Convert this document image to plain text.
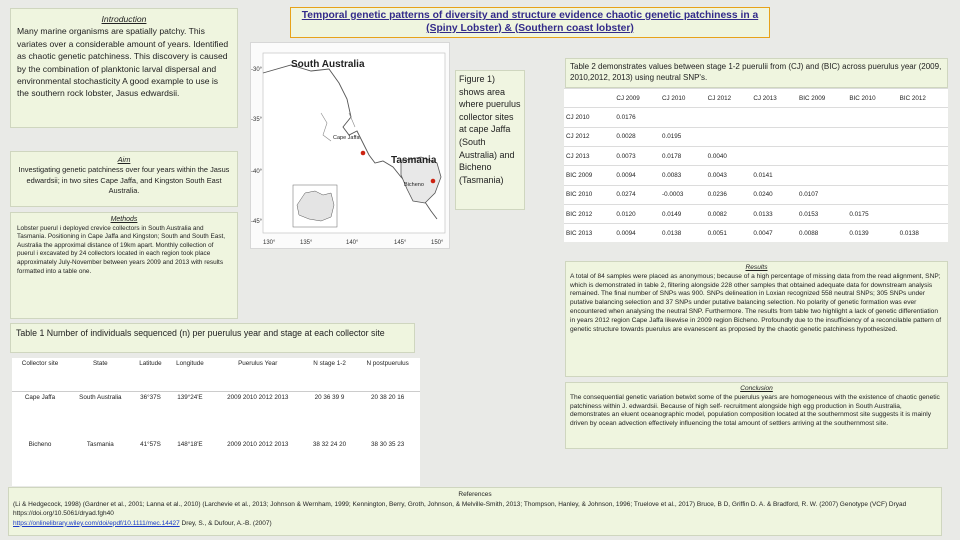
Introduction

Many marine organisms are spatially patchy. This variates over a considerable amount of years. Identified as chaotic genetic patchiness. This discovery is caused by the combination of planktonic larval dispersal and environmental stochasticity A good example to use is the southern rock lobster, Jasus edwardsii.

Aim

Investigating genetic patchiness over four years within the Jasus edwardsii; in two sites Cape Jaffa, and Kingston South East Australia.

Methods

Lobster puerul i deployed crevice collectors in South Australia and Tasmania. Positioning in Cape Jaffa and Kingston; South and South East, Australia the approximal distance of 19km apart. Monthly collection of puerul i excavated by 24 collectors located in each region took place approximately July-November between years 2009 and 2013 with results formatted into a table one.

Temporal genetic patterns of diversity and structure evidence chaotic genetic patchiness in a (Spiny Lobster) & (Southern coast lobster)
South Australia
Tasmania
Cape Jaffa
Bicheno
130°	135°	140°	145°	150°
-30°
-35°
-40°
-45°
Figure 1) shows area where puerulus collector sites at cape Jaffa (South Australia) and Bicheno (Tasmania)
Table 1 Number of individuals sequenced (n) per puerulus year and stage at each collector site
Collector site	State	Latitude	Longitude	Puerulus Year	N stage 1-2	N postpuerulus
Cape Jaffa	South Australia	36°37S	139°24'E	2009 2010 2012 2013	20 36 39 9	20 38 20 16
Bicheno	Tasmania	41°57S	148°18'E	2009 2010 2012 2013	38 32 24 20	38 30 35 23
Table 2 demonstrates values between stage 1-2 puerulii from (CJ) and (BIC) across puerulus year (2009, 2010,2012, 2013) using neutral SNP's.
	CJ 2009	CJ 2010	CJ 2012	CJ 2013	BIC 2009	BIC 2010	BIC 2012
CJ 2010	0.0176						
CJ 2012	0.0028	0.0195					
CJ 2013	0.0073	0.0178	0.0040				
BIC 2009	0.0094	0.0083	0.0043	0.0141			
BIC 2010	0.0274	-0.0003	0.0236	0.0240	0.0107		
BIC 2012	0.0120	0.0149	0.0082	0.0133	0.0153	0.0175	
BIC 2013	0.0094	0.0138	0.0051	0.0047	0.0088	0.0139	0.0138
Results

A total of 84 samples were placed as anonymous; because of a high percentage of missing data from the read alignment, SNP; which is demonstrated in table 2, filtering alongside 228 other samples that obtained adequate data for downstream analysis remained. The final number of SNPs was 900. SNPs delineation in Loxian recognized 558 neutral SNPs; 305 SNPs under putative balancing selection and 37 SNPs under putative balancing selection. No polarity of genetic formation was ever encountered when analysing the neutral SNP. Furthermore. The results from table two highlight a lack of genetic differentiation in years 2012 region Cape Jaffa likewise in 2009 region Bicheno. Profoundly due to the insufficiency of a reconcilable pattern of genetic structure towards puerulus are evanescent as proposed by the chaotic genetic patchiness hypothesized.

Conclusion

The consequential genetic variation betwixt some of the puerulus years are homogeneous with the existence of chaotic genetic patchiness within J. edwardsii. Because of high self- recruitment alongside high egg production in South Australia, demonstrates an eluent oceanographic model, population composition located at the southernmost site suggests it is mainly driven by ocean advection effectively influencing the total amount of settlers arriving at the southernmost site.

References

(Li & Hedgecock, 1998) (Gardner et al., 2001; Lanna et al., 2010) (Larchevie et al., 2013; Johnson & Wernham, 1999; Kennington, Berry, Groth, Johnson, & Melville-Smith, 2013; Thompson, Hanley, & Johnson, 1996; Truelove et al., 2017) Bruce, B D, Griffin D. A. & Bradford, R. W. (2007) Genotype (VCF) Dryad https://doi.org/10.5061/dryad.fgh40
https://onlinelibrary.wiley.com/doi/epdf/10.1111/mec.14427 Drey, S., & Dufour, A.-B. (2007)
